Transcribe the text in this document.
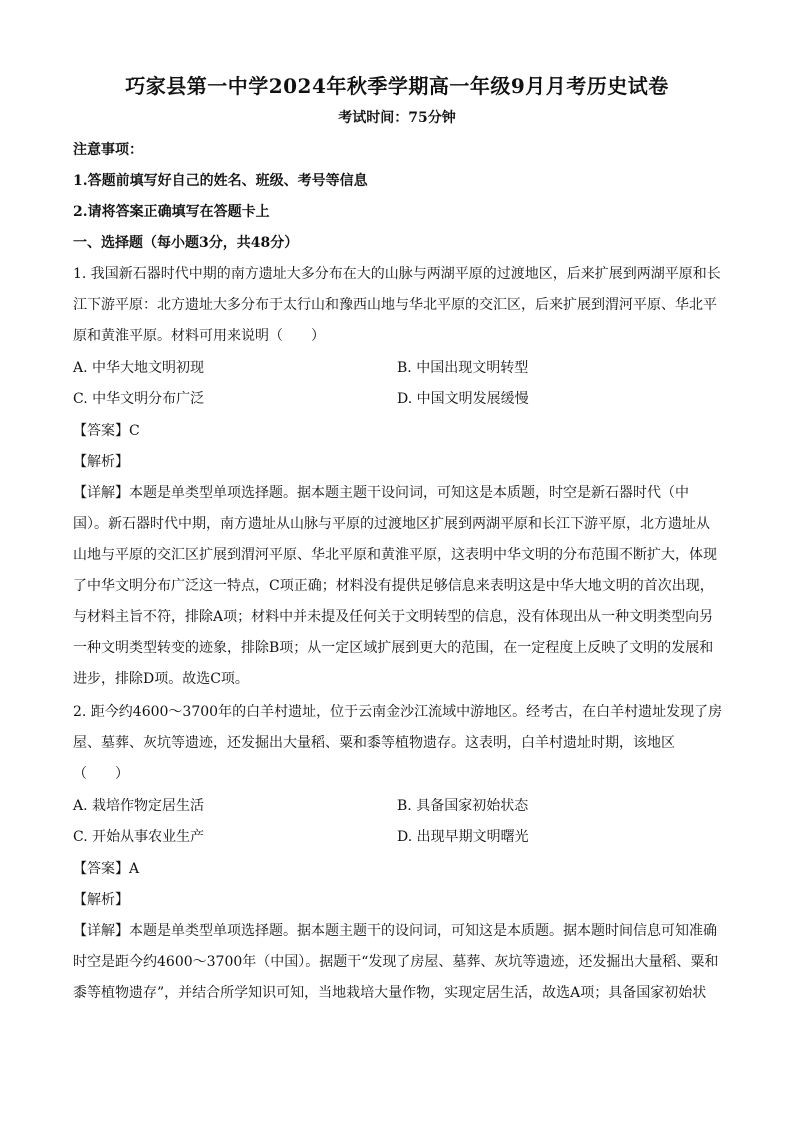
巧家县第一中学2024年秋季学期高一年级9月月考历史试卷
考试时间：75分钟
注意事项：
1.答题前填写好自己的姓名、班级、考号等信息
2.请将答案正确填写在答题卡上
一、选择题（每小题3分，共48分）
1. 我国新石器时代中期的南方遗址大多分布在大的山脉与两湖平原的过渡地区，后来扩展到两湖平原和长
江下游平原：北方遗址大多分布于太行山和豫西山地与华北平原的交汇区，后来扩展到渭河平原、华北平
原和黄淮平原。材料可用来说明（　　）
A. 中华大地文明初现	B. 中国出现文明转型
C. 中华文明分布广泛	D. 中国文明发展缓慢
【答案】C
【解析】
【详解】本题是单类型单项选择题。据本题主题干设问词，可知这是本质题，时空是新石器时代（中
国）。新石器时代中期，南方遗址从山脉与平原的过渡地区扩展到两湖平原和长江下游平原，北方遗址从
山地与平原的交汇区扩展到渭河平原、华北平原和黄淮平原，这表明中华文明的分布范围不断扩大，体现
了中华文明分布广泛这一特点，C项正确；材料没有提供足够信息来表明这是中华大地文明的首次出现，
与材料主旨不符，排除A项；材料中并未提及任何关于文明转型的信息，没有体现出从一种文明类型向另
一种文明类型转变的迹象，排除B项；从一定区域扩展到更大的范围，在一定程度上反映了文明的发展和
进步，排除D项。故选C项。
2. 距今约4600～3700年的白羊村遗址，位于云南金沙江流域中游地区。经考古，在白羊村遗址发现了房
屋、墓葬、灰坑等遗迹，还发掘出大量稻、粟和黍等植物遗存。这表明，白羊村遗址时期，该地区
（　　）
A. 栽培作物定居生活	B. 具备国家初始状态
C. 开始从事农业生产	D. 出现早期文明曙光
【答案】A
【解析】
【详解】本题是单类型单项选择题。据本题主题干的设问词，可知这是本质题。据本题时间信息可知准确
时空是距今约4600～3700年（中国）。据题干“发现了房屋、墓葬、灰坑等遗迹，还发掘出大量稻、粟和
黍等植物遗存”，并结合所学知识可知，当地栽培大量作物，实现定居生活，故选A项；具备国家初始状
